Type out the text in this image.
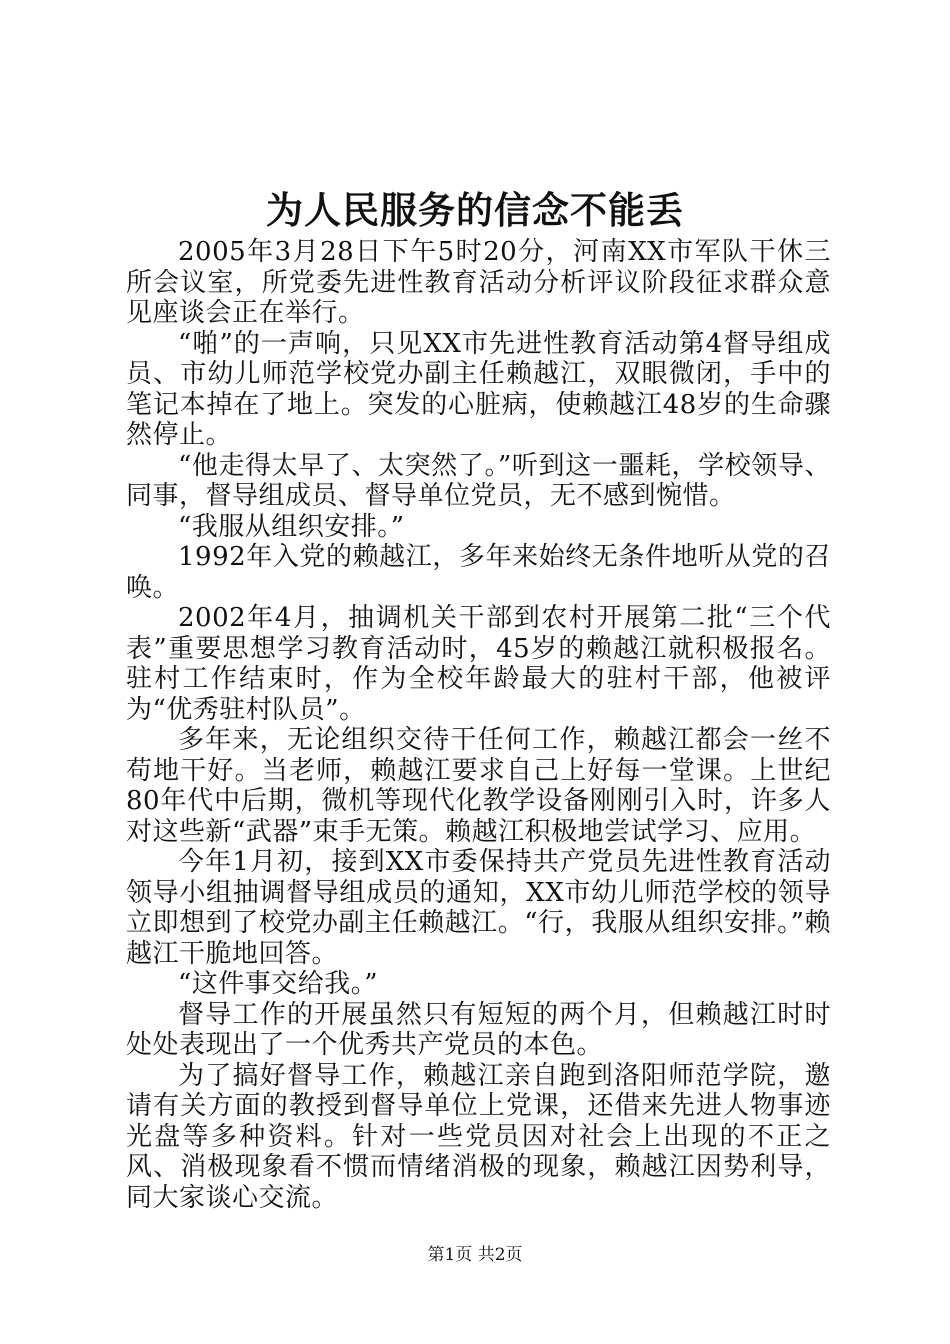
为人民服务的信念不能丢

2005年3月28日下午5时20分，河南XX市军队干休三所会议室，所党委先进性教育活动分析评议阶段征求群众意见座谈会正在举行。

“啪”的一声响，只见XX市先进性教育活动第4督导组成员、市幼儿师范学校党办副主任赖越江，双眼微闭，手中的笔记本掉在了地上。突发的心脏病，使赖越江48岁的生命骤然停止。

“他走得太早了、太突然了。”听到这一噩耗，学校领导、同事，督导组成员、督导单位党员，无不感到惋惜。

“我服从组织安排。”

1992年入党的赖越江，多年来始终无条件地听从党的召唤。

2002年4月，抽调机关干部到农村开展第二批“三个代表”重要思想学习教育活动时，45岁的赖越江就积极报名。驻村工作结束时，作为全校年龄最大的驻村干部，他被评为“优秀驻村队员”。

多年来，无论组织交待干任何工作，赖越江都会一丝不苟地干好。当老师，赖越江要求自己上好每一堂课。上世纪80年代中后期，微机等现代化教学设备刚刚引入时，许多人对这些新“武器”束手无策。赖越江积极地尝试学习、应用。

今年1月初，接到XX市委保持共产党员先进性教育活动领导小组抽调督导组成员的通知，XX市幼儿师范学校的领导立即想到了校党办副主任赖越江。“行，我服从组织安排。”赖越江干脆地回答。

“这件事交给我。”

督导工作的开展虽然只有短短的两个月，但赖越江时时处处表现出了一个优秀共产党员的本色。

为了搞好督导工作，赖越江亲自跑到洛阳师范学院，邀请有关方面的教授到督导单位上党课，还借来先进人物事迹光盘等多种资料。针对一些党员因对社会上出现的不正之风、消极现象看不惯而情绪消极的现象，赖越江因势利导，同大家谈心交流。

第1页 共2页
